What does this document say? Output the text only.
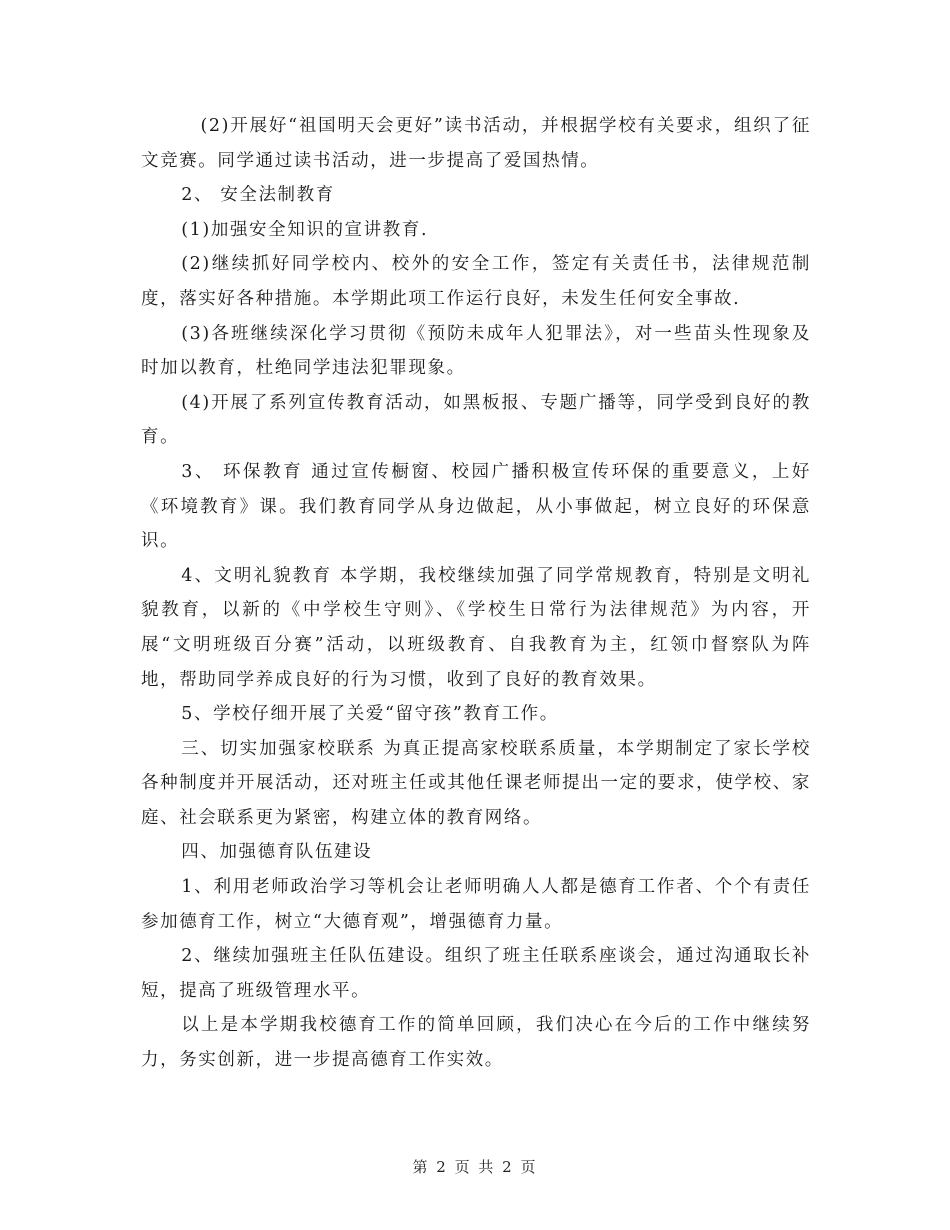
(2)开展好“祖国明天会更好”读书活动，并根据学校有关要求，组织了征文竞赛。同学通过读书活动，进一步提高了爱国热情。

2、 安全法制教育

(1)加强安全知识的宣讲教育.

(2)继续抓好同学校内、校外的安全工作，签定有关责任书，法律规范制度，落实好各种措施。本学期此项工作运行良好，未发生任何安全事故.

(3)各班继续深化学习贯彻《预防未成年人犯罪法》，对一些苗头性现象及时加以教育，杜绝同学违法犯罪现象。

(4)开展了系列宣传教育活动，如黑板报、专题广播等，同学受到良好的教育。

3、 环保教育 通过宣传橱窗、校园广播积极宣传环保的重要意义，上好《环境教育》课。我们教育同学从身边做起，从小事做起，树立良好的环保意识。

4、文明礼貌教育 本学期，我校继续加强了同学常规教育，特别是文明礼貌教育，以新的《中学校生守则》、《学校生日常行为法律规范》为内容，开展“文明班级百分赛”活动，以班级教育、自我教育为主，红领巾督察队为阵地，帮助同学养成良好的行为习惯，收到了良好的教育效果。

5、学校仔细开展了关爱“留守孩”教育工作。

三、切实加强家校联系 为真正提高家校联系质量，本学期制定了家长学校各种制度并开展活动，还对班主任或其他任课老师提出一定的要求，使学校、家庭、社会联系更为紧密，构建立体的教育网络。

四、加强德育队伍建设

1、利用老师政治学习等机会让老师明确人人都是德育工作者、个个有责任参加德育工作，树立“大德育观”，增强德育力量。

2、继续加强班主任队伍建设。组织了班主任联系座谈会，通过沟通取长补短，提高了班级管理水平。

以上是本学期我校德育工作的简单回顾，我们决心在今后的工作中继续努力，务实创新，进一步提高德育工作实效。

第 2 页 共 2 页
